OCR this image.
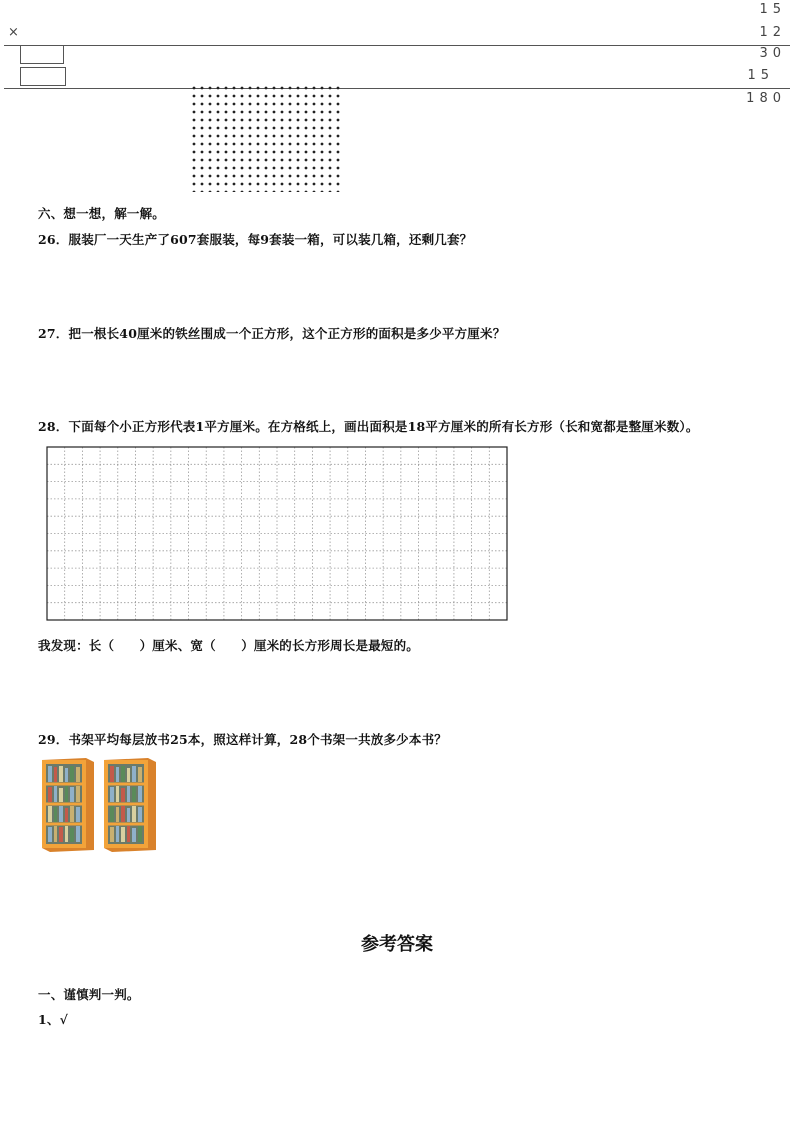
15
×	12
30
15
180
六、想一想，解一解。
26．服装厂一天生产了607套服装，每9套装一箱，可以装几箱，还剩几套？
27．把一根长40厘米的铁丝围成一个正方形，这个正方形的面积是多少平方厘米？
28．下面每个小正方形代表1平方厘米。在方格纸上，画出面积是18平方厘米的所有长方形（长和宽都是整厘米数）。
我发现：长（　　）厘米、宽（　　）厘米的长方形周长是最短的。
29．书架平均每层放书25本，照这样计算，28个书架一共放多少本书？
参考答案
一、谨慎判一判。
1、√
